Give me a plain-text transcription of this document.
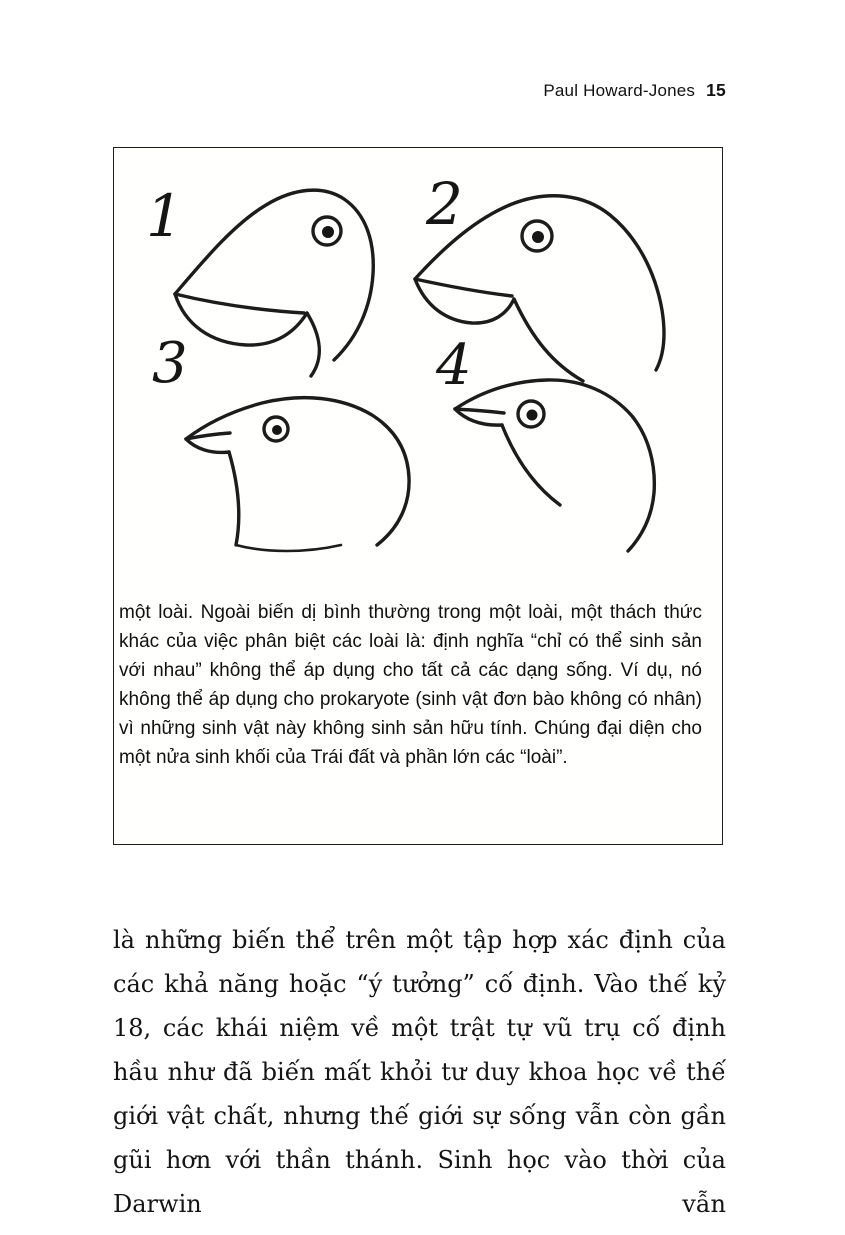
Paul Howard-Jones 15
1	2
3	4
một loài. Ngoài biến dị bình thường trong một loài, một thách thức khác của việc phân biệt các loài là: định nghĩa “chỉ có thể sinh sản với nhau” không thể áp dụng cho tất cả các dạng sống. Ví dụ, nó không thể áp dụng cho prokaryote (sinh vật đơn bào không có nhân) vì những sinh vật này không sinh sản hữu tính. Chúng đại diện cho một nửa sinh khối của Trái đất và phần lớn các “loài”.
là những biến thể trên một tập hợp xác định của các khả năng hoặc “ý tưởng” cố định. Vào thế kỷ 18, các khái niệm về một trật tự vũ trụ cố định hầu như đã biến mất khỏi tư duy khoa học về thế giới vật chất, nhưng thế giới sự sống vẫn còn gần gũi hơn với thần thánh. Sinh học vào thời của Darwin vẫn
